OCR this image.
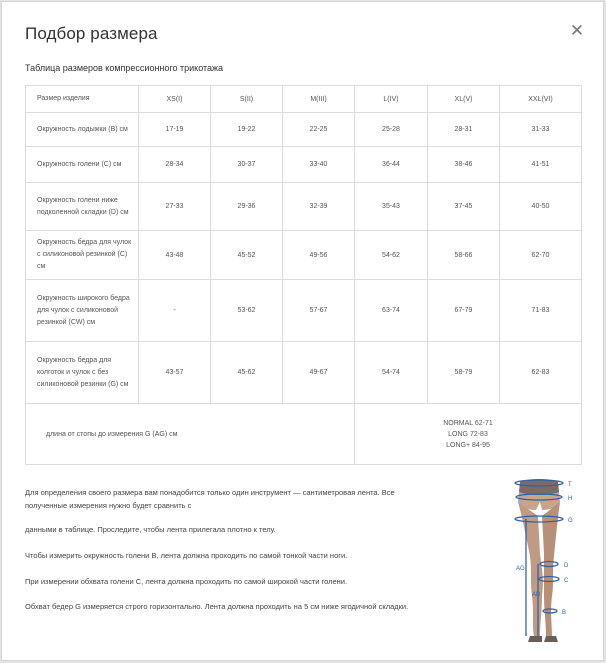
Подбор размера	✕
Таблица размеров компрессионного трикотажа
Размер изделия	XS(I)	S(II)	M(III)	L(IV)	XL(V)	XXL(VI)
Окружность лодыжки (B) см	17-19	19-22	22-25	25-28	28-31	31-33
Окружность голени (C) см	28-34	30-37	33-40	36-44	38-46	41-51
Окружность голени ниже подколенной складки (D) см	27-33	29-36	32-39	35-43	37-45	40-50
Окружность бедра для чулок с силиконовой резинкой (C) см	43-48	45-52	49-56	54-62	58-66	62-70
Окружность широкого бедра для чулок с силиконовой резинкой (CW) см	-	53-62	57-67	63-74	67-79	71-83
Окружность бедра для колготок и чулок с без силиконовой резинки (G) см	43-57	45-62	49-67	54-74	58-79	62-83
длина от стопы до измерения G (AG) см				NORMAL 62-71
LONG 72-83
LONG+ 84-95		
Для определения своего размера вам понадобится только один инструмент — сантиметровая лента. Все
полученные измерения нужно будет сравнить с
данными в таблице. Проследите, чтобы лента прилегала плотно к телу.
Чтобы измерить окружность голени B, лента должна проходить по самой тонкой части ноги.
При измерении обхвата голени C, лента должна проходить по самой широкой части голени.
Обхват бедер G измеряется строго горизонтально. Лента должна проходить на 5 см ниже ягодичной складки.
T
H
G
AG	D
C
AD
B
